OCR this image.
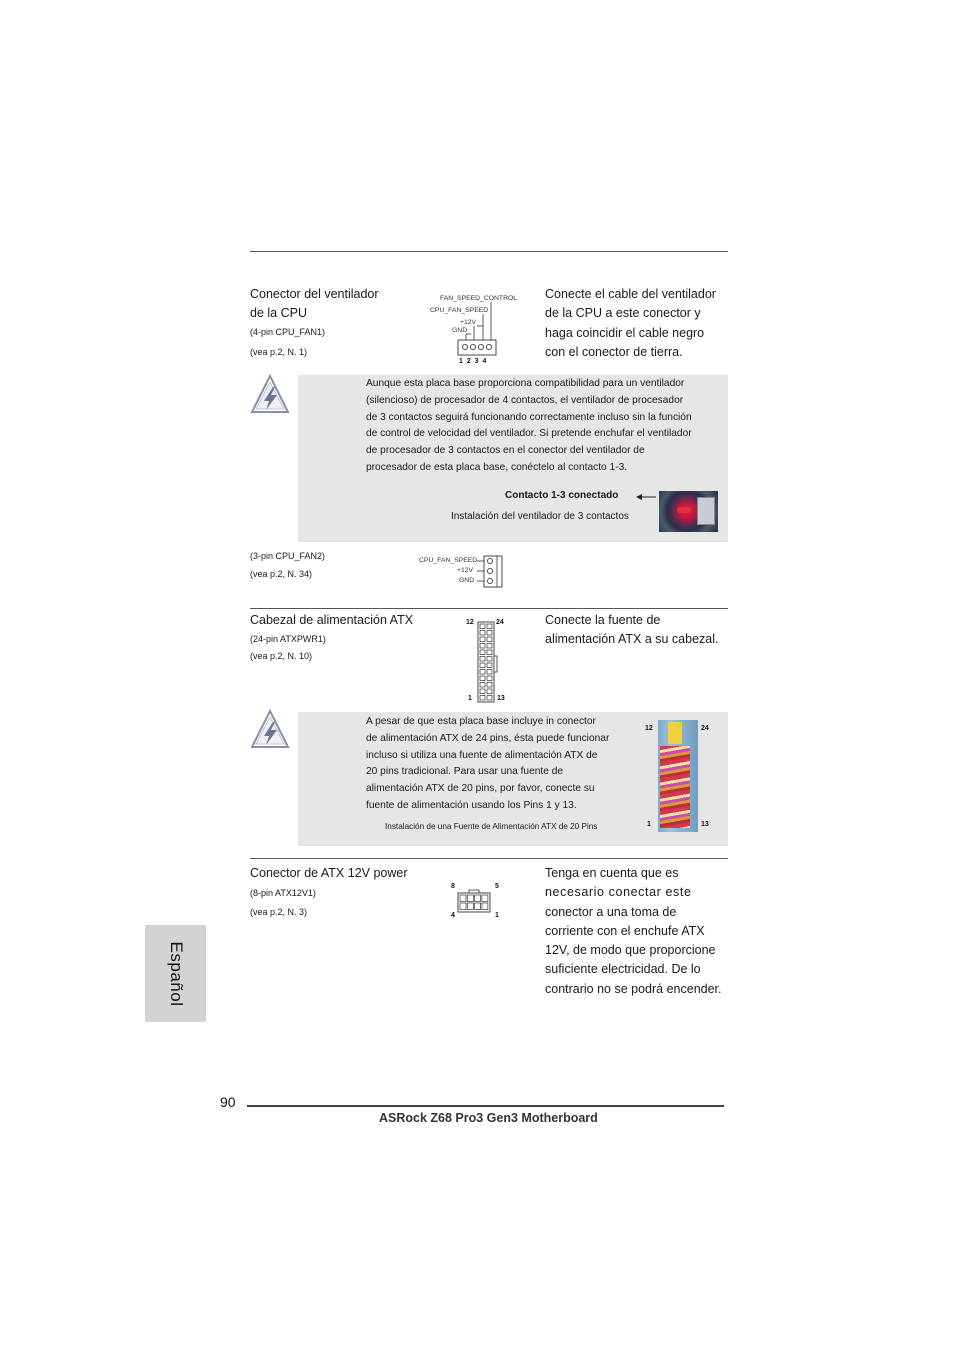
Conector del ventilador
de la CPU
(4-pin CPU_FAN1)
(vea p.2, N. 1)
FAN_SPEED_CONTROL
CPU_FAN_SPEED
+12V
GND
1 2 3 4
Conecte el cable del ventilador
de la CPU a este conector y
haga coincidir el cable negro
con el conector de tierra.
Aunque esta placa base proporciona compatibilidad para un ventilador
(silencioso) de procesador de 4 contactos, el ventilador de procesador
de 3 contactos seguirá funcionando correctamente incluso sin la función
de control de velocidad del ventilador. Si pretende enchufar el ventilador
de procesador de 3 contactos en el conector del ventilador de
procesador de esta placa base, conéctelo al contacto 1-3.
Contacto 1-3 conectado
Instalación del ventilador de 3 contactos
(3-pin CPU_FAN2)
(vea p.2, N. 34)
CPU_FAN_SPEED
+12V
GND
Cabezal de alimentación ATX
(24-pin ATXPWR1)
(vea p.2, N. 10)
12	24
1	13
Conecte la fuente de
alimentación ATX a su cabezal.
A pesar de que esta placa base incluye in conector
de alimentación ATX de 24 pins, ésta puede funcionar
incluso si utiliza una fuente de alimentación ATX de
20 pins tradicional. Para usar una fuente de
alimentación ATX de 20 pins, por favor, conecte su
fuente de alimentación usando los Pins 1 y 13.
Instalación de una Fuente de Alimentación ATX de 20 Pins
12	24
1	13
Conector de ATX 12V power
(8-pin ATX12V1)
(vea p.2, N. 3)
8	5
4	1
Tenga en cuenta que es
necesario conectar este
conector a una toma de
corriente con el enchufe ATX
12V, de modo que proporcione
suficiente electricidad. De lo
contrario no se podrá encender.
Español
90
ASRock Z68 Pro3 Gen3 Motherboard
